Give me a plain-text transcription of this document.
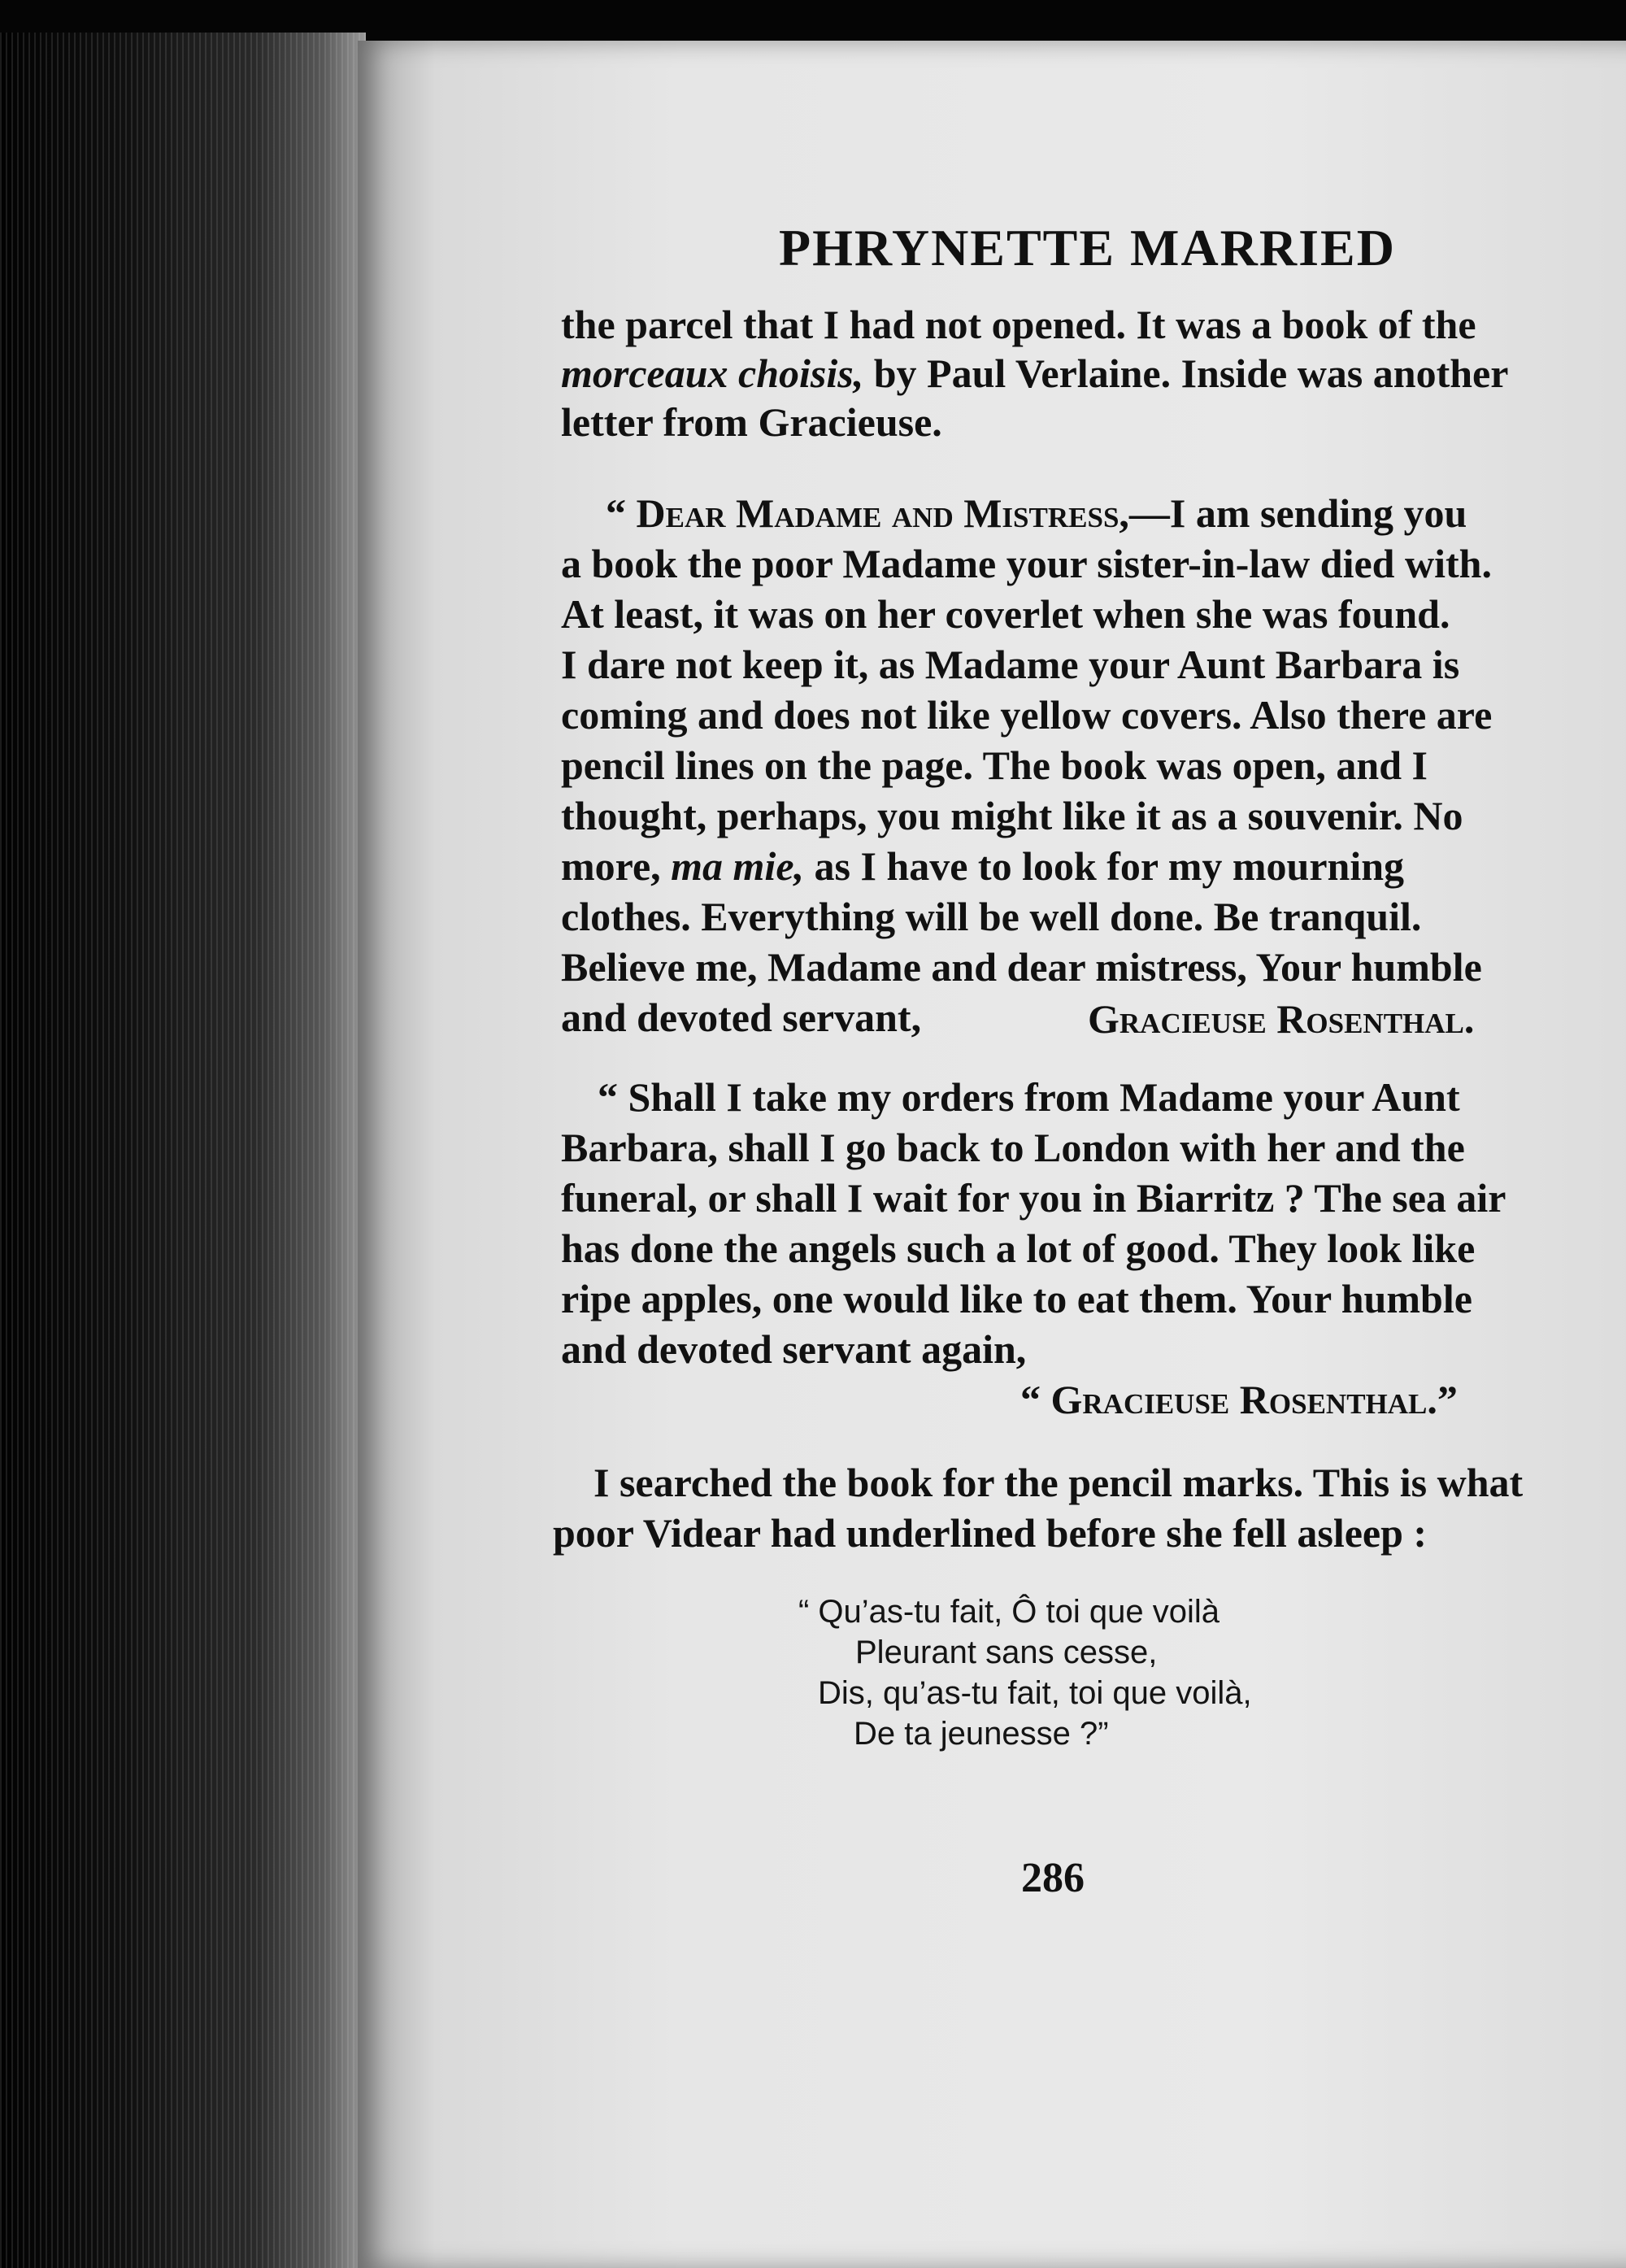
PHRYNETTE MARRIED
the parcel that I had not opened. It was a book of the
morceaux choisis, by Paul Verlaine. Inside was another
letter from Gracieuse.
“ Dear Madame and Mistress,—I am sending you
a book the poor Madame your sister-in-law died with.
At least, it was on her coverlet when she was found.
I dare not keep it, as Madame your Aunt Barbara is
coming and does not like yellow covers. Also there are
pencil lines on the page. The book was open, and I
thought, perhaps, you might like it as a souvenir. No
more, ma mie, as I have to look for my mourning
clothes. Everything will be well done. Be tranquil.
Believe me, Madame and dear mistress, Your humble
and devoted servant,	Gracieuse Rosenthal.
“ Shall I take my orders from Madame your Aunt
Barbara, shall I go back to London with her and the
funeral, or shall I wait for you in Biarritz ? The sea air
has done the angels such a lot of good. They look like
ripe apples, one would like to eat them. Your humble
and devoted servant again,
“ Gracieuse Rosenthal.”
I searched the book for the pencil marks. This is what
poor Videar had underlined before she fell asleep :
“ Qu’as-tu fait, Ô toi que voilà
Pleurant sans cesse,
Dis, qu’as-tu fait, toi que voilà,
De ta jeunesse ?”
286
